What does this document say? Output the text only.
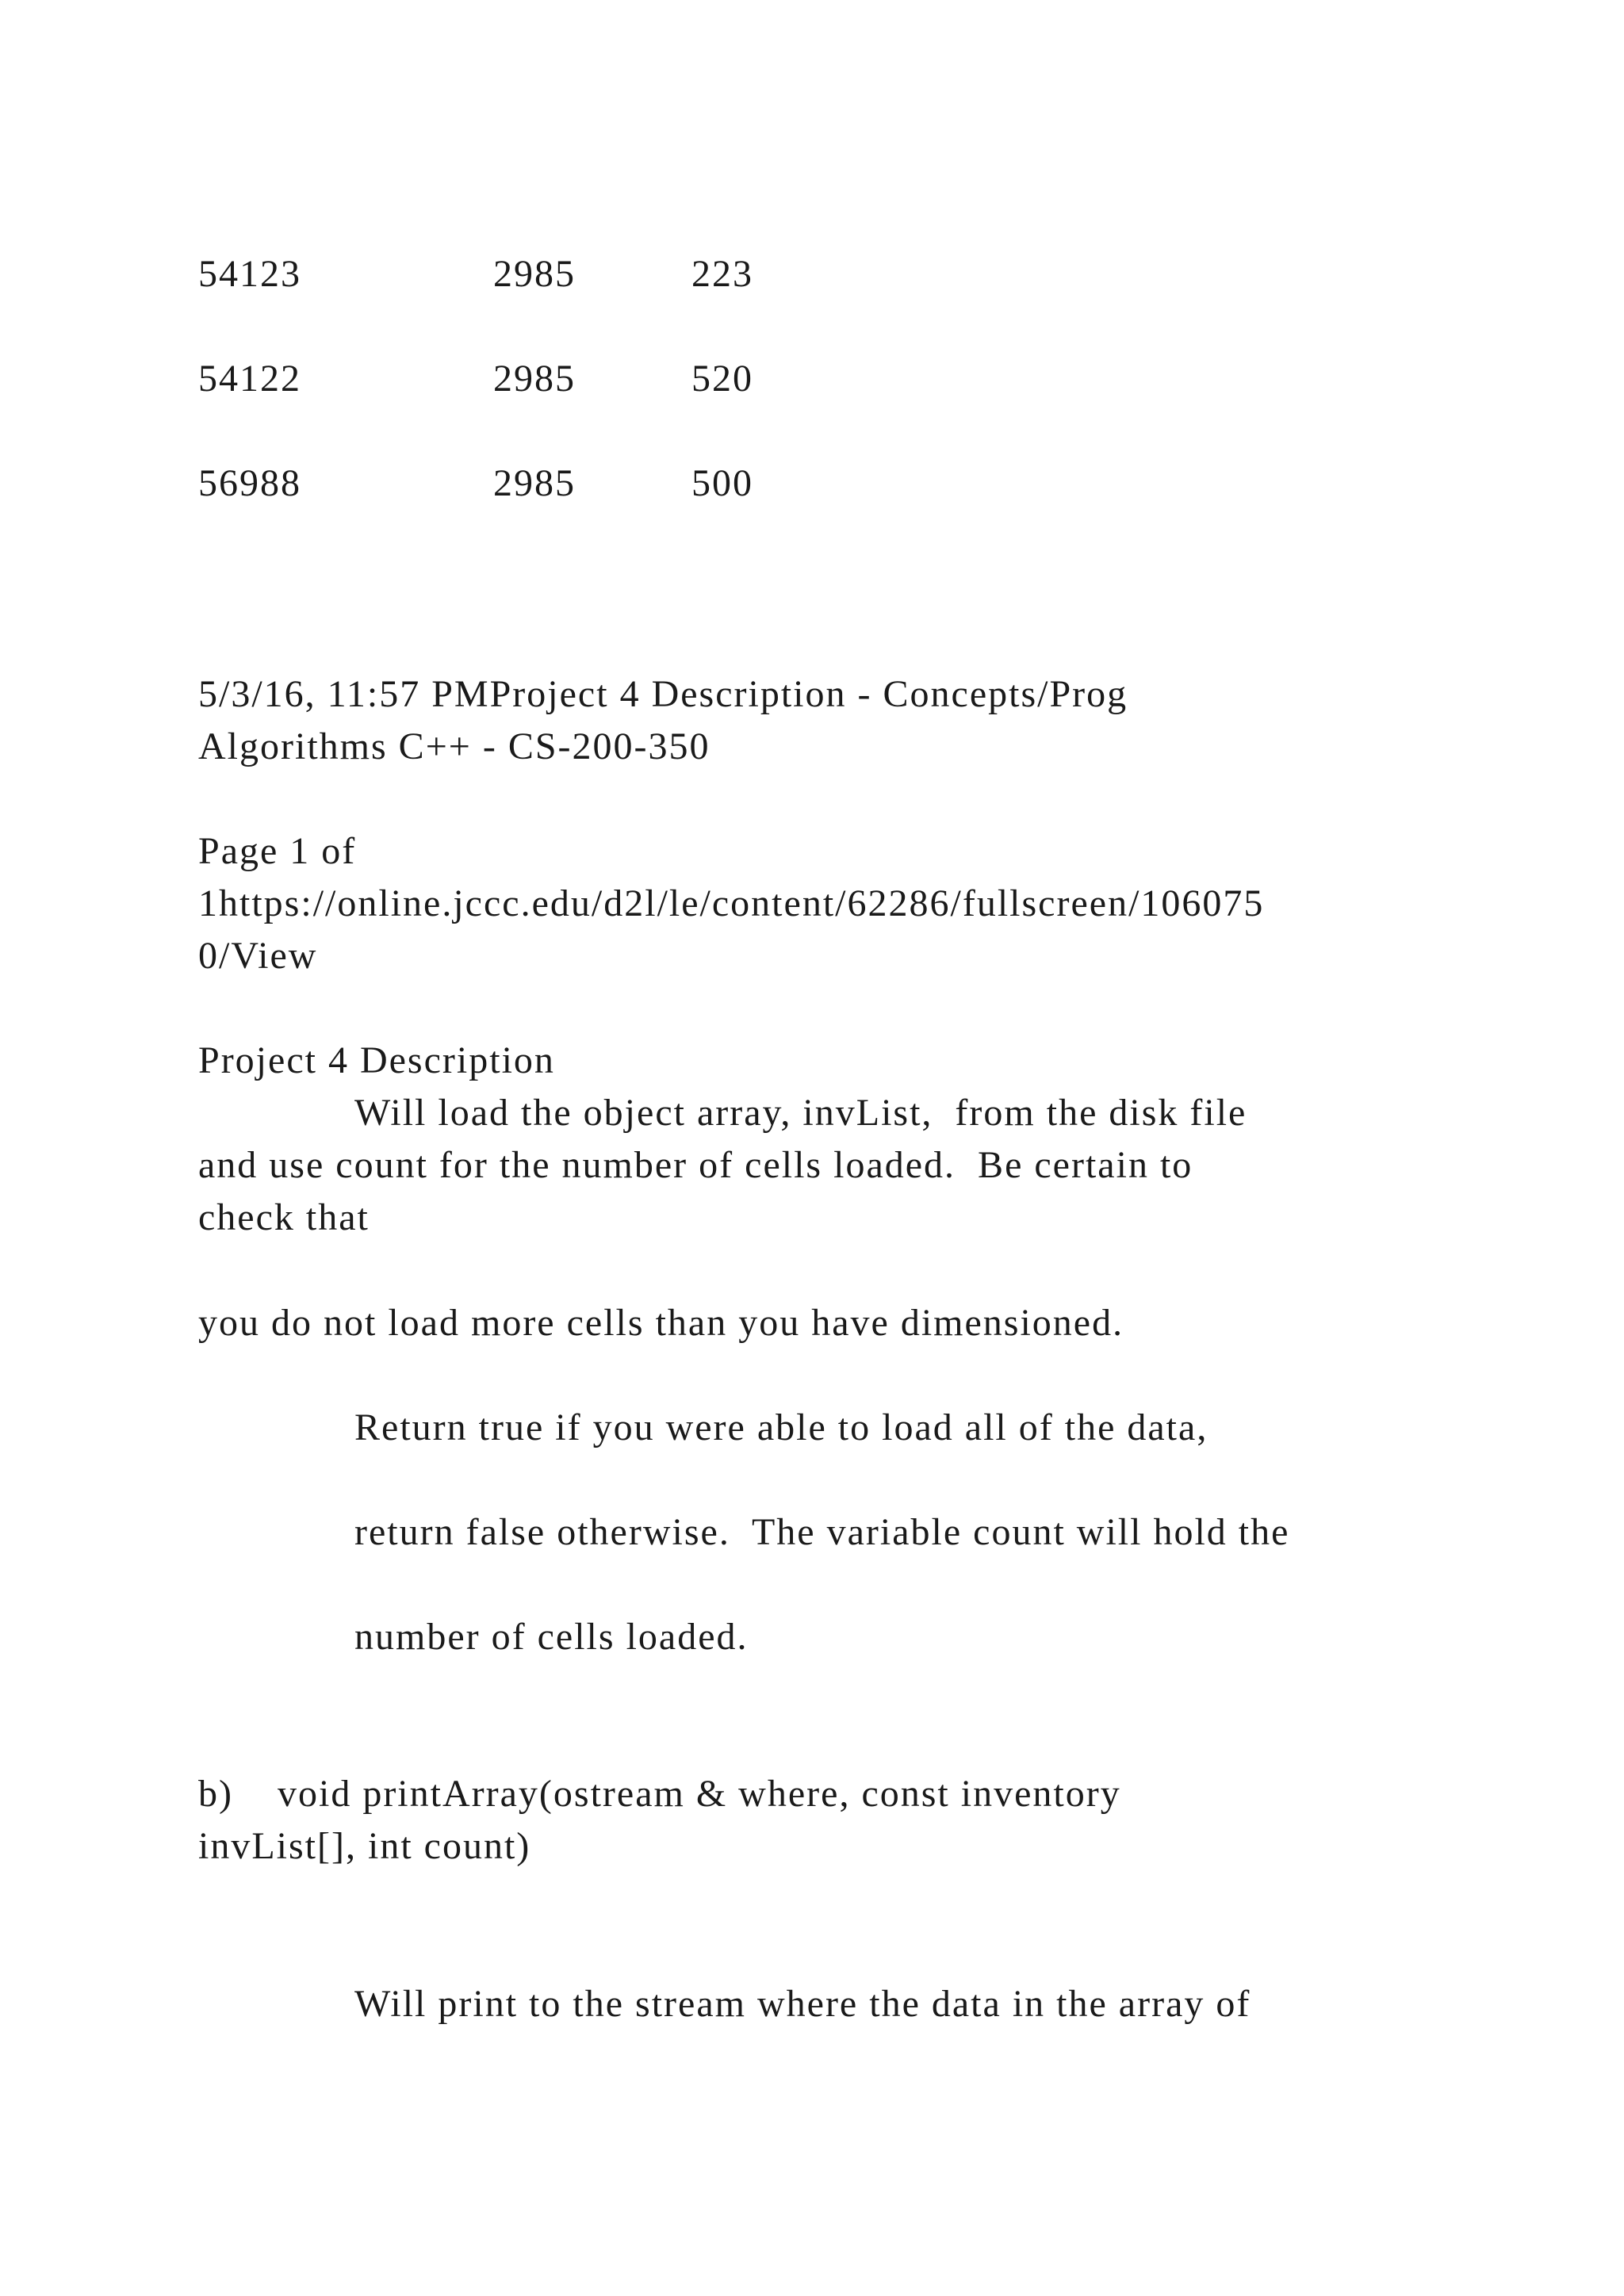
54123	2985	223
54122	2985	520
56988	2985	500
5/3/16, 11:57 PMProject 4 Description - Concepts/Prog
Algorithms C++ - CS-200-350
Page 1 of
1https://online.jccc.edu/d2l/le/content/62286/fullscreen/106075
0/View
Project 4 Description
Will load the object array, invList,  from the disk file
and use count for the number of cells loaded.  Be certain to
check that
you do not load more cells than you have dimensioned.
Return true if you were able to load all of the data,
return false otherwise.  The variable count will hold the
number of cells loaded.
b)    void printArray(ostream & where, const inventory
invList[], int count)
Will print to the stream where the data in the array of
